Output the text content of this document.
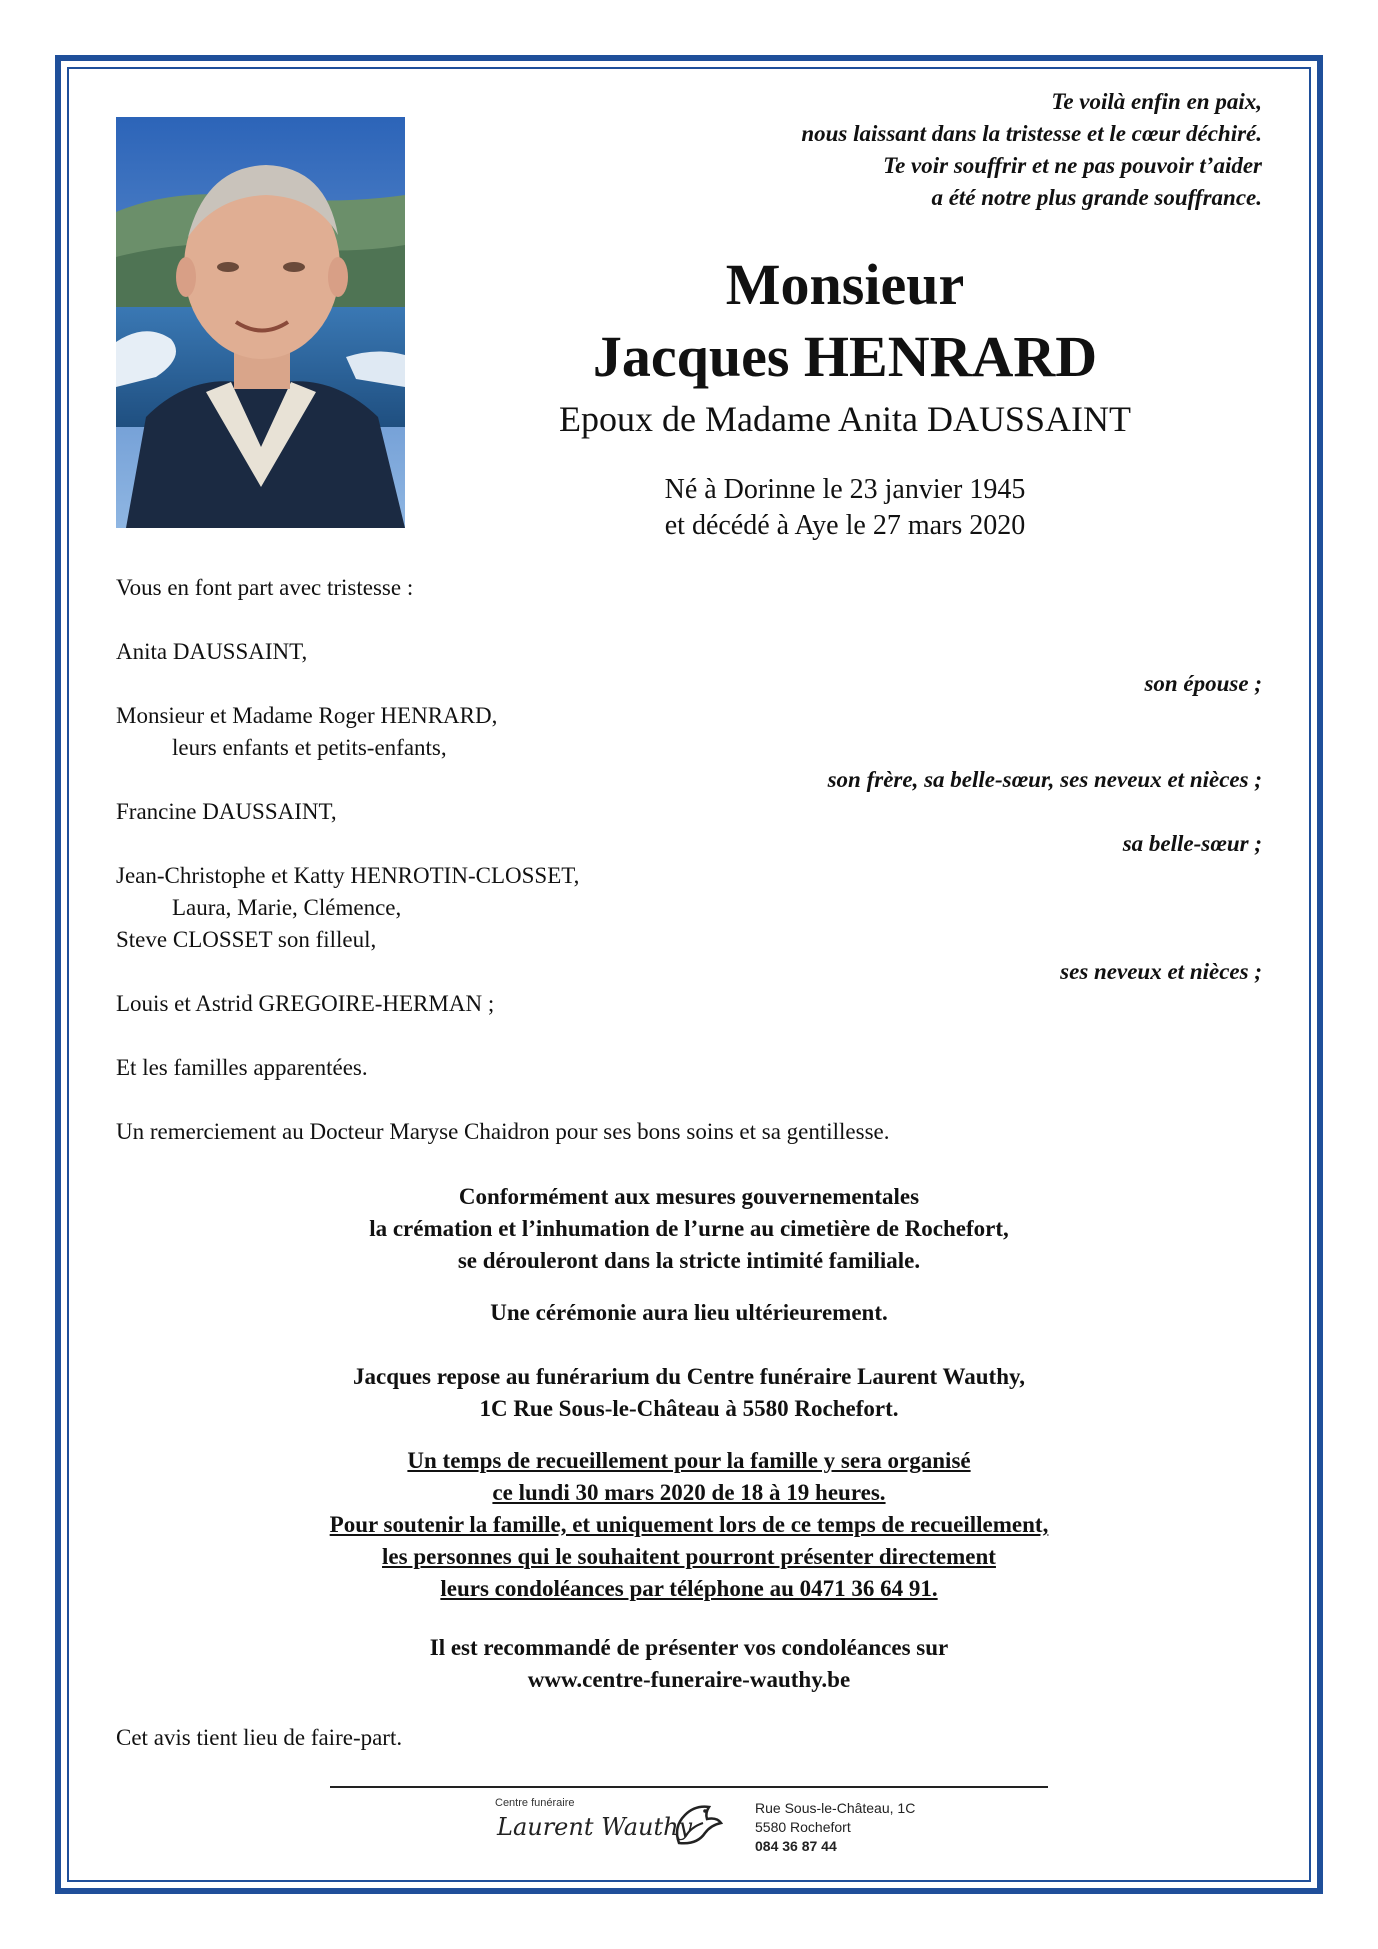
Te voilà enfin en paix,
nous laissant dans la tristesse et le cœur déchiré.
Te voir souffrir et ne pas pouvoir t’aider
a été notre plus grande souffrance.
Monsieur
Jacques HENRARD
Epoux de Madame Anita DAUSSAINT
Né à Dorinne le 23 janvier 1945
et décédé à Aye le 27 mars 2020
Vous en font part avec tristesse :
Anita DAUSSAINT,
son épouse ;
Monsieur et Madame Roger HENRARD,
leurs enfants et petits-enfants,
son frère, sa belle-sœur, ses neveux et nièces ;
Francine DAUSSAINT,
sa belle-sœur ;
Jean-Christophe et Katty HENROTIN-CLOSSET,
Laura, Marie, Clémence,
Steve CLOSSET son filleul,
ses neveux et nièces ;
Louis et Astrid GREGOIRE-HERMAN ;
Et les familles apparentées.
Un remerciement au Docteur Maryse Chaidron pour ses bons soins et sa gentillesse.
Conformément aux mesures gouvernementales
la crémation et l’inhumation de l’urne au cimetière de Rochefort,
se dérouleront dans la stricte intimité familiale.
Une cérémonie aura lieu ultérieurement.
Jacques repose au funérarium du Centre funéraire Laurent Wauthy,
1C Rue Sous-le-Château à 5580 Rochefort.
Un temps de recueillement pour la famille y sera organisé
ce lundi 30 mars 2020 de 18 à 19 heures.
Pour soutenir la famille, et uniquement lors de ce temps de recueillement,
les personnes qui le souhaitent pourront présenter directement
leurs condoléances par téléphone au 0471 36 64 91.
Il est recommandé de présenter vos condoléances sur
www.centre-funeraire-wauthy.be
Cet avis tient lieu de faire-part.
Centre funéraire
Laurent Wauthy
Rue Sous-le-Château, 1C
5580 Rochefort
084 36 87 44
